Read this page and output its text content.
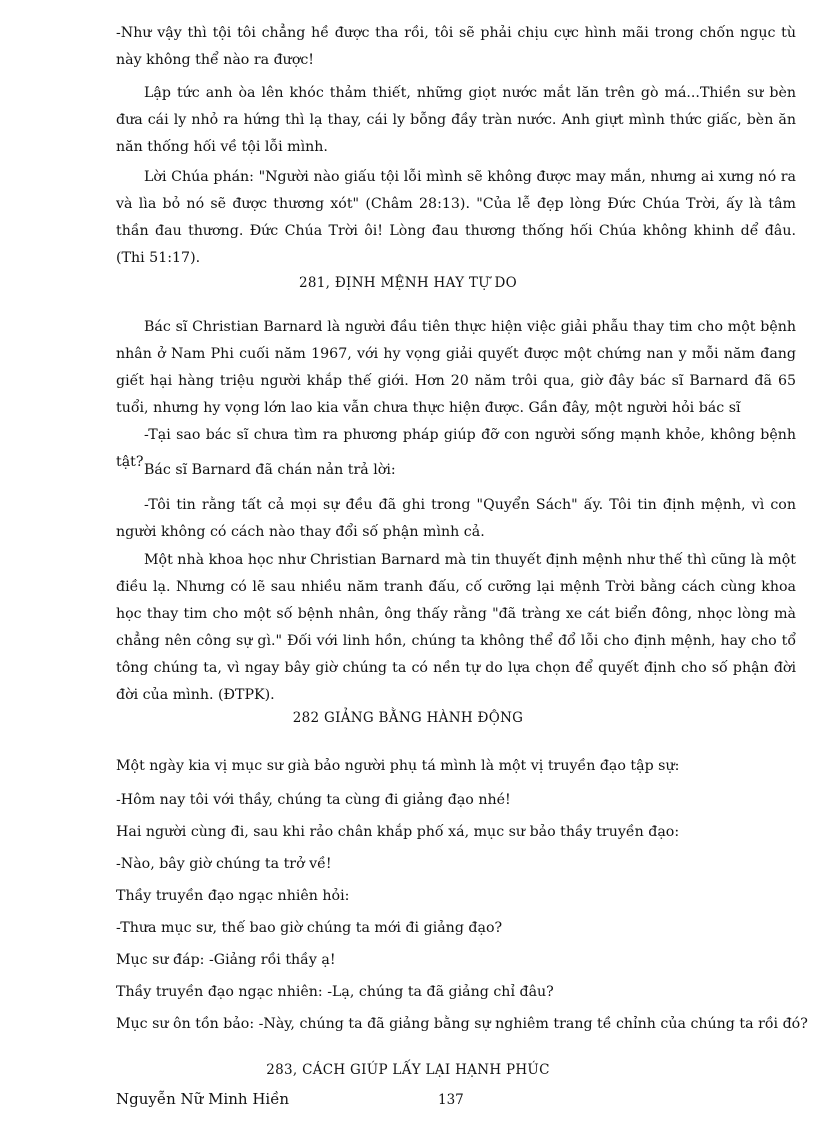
-Như vậy thì tội tôi chẳng hề được tha rồi, tôi sẽ phải chịu cực hình mãi trong chốn ngục tù này không thể nào ra được!

Lập tức anh òa lên khóc thảm thiết, những giọt nước mắt lăn trên gò má...Thiền sư bèn đưa cái ly nhỏ ra hứng thì lạ thay, cái ly bỗng đầy tràn nước. Anh giựt mình thức giấc, bèn ăn năn thống hối về tội lỗi mình.

Lời Chúa phán: "Người nào giấu tội lỗi mình sẽ không được may mắn, nhưng ai xưng nó ra và lìa bỏ nó sẽ được thương xót" (Châm 28:13). "Của lễ đẹp lòng Đức Chúa Trời, ấy là tâm thần đau thương. Đức Chúa Trời ôi! Lòng đau thương thống hối Chúa không khinh dể đâu. (Thi 51:17).

281, ĐỊNH MỆNH HAY TỰ DO

Bác sĩ Christian Barnard là người đầu tiên thực hiện việc giải phẫu thay tim cho một bệnh nhân ở Nam Phi cuối năm 1967, với hy vọng giải quyết được một chứng nan y mỗi năm đang giết hại hàng triệu người khắp thế giới. Hơn 20 năm trôi qua, giờ đây bác sĩ Barnard đã 65 tuổi, nhưng hy vọng lớn lao kia vẫn chưa thực hiện được. Gần đây, một người hỏi bác sĩ

-Tại sao bác sĩ chưa tìm ra phương pháp giúp đỡ con người sống mạnh khỏe, không bệnh tật? Bác sĩ Barnard đã chán nản trả lời:

-Tôi tin rằng tất cả mọi sự đều đã ghi trong "Quyển Sách" ấy. Tôi tin định mệnh, vì con người không có cách nào thay đổi số phận mình cả.

Một nhà khoa học như Christian Barnard mà tin thuyết định mệnh như thế thì cũng là một điều lạ. Nhưng có lẽ sau nhiều năm tranh đấu, cố cưỡng lại mệnh Trời bằng cách cùng khoa học thay tim cho một số bệnh nhân, ông thấy rằng "đã tràng xe cát biển đông, nhọc lòng mà chẳng nên công sự gì." Đối với linh hồn, chúng ta không thể đổ lỗi cho định mệnh, hay cho tổ tông chúng ta, vì ngay bây giờ chúng ta có nền tự do lựa chọn để quyết định cho số phận đời đời của mình. (ĐTPK).

282 GIẢNG BẰNG HÀNH ĐỘNG

Một ngày kia vị mục sư già bảo người phụ tá mình là một vị truyền đạo tập sự:

-Hôm nay tôi với thầy, chúng ta cùng đi giảng đạo nhé!

Hai người cùng đi, sau khi rảo chân khắp phố xá, mục sư bảo thầy truyền đạo:

-Nào, bây giờ chúng ta trở về!

Thầy truyền đạo ngạc nhiên hỏi:

-Thưa mục sư, thế bao giờ chúng ta mới đi giảng đạo?

Mục sư đáp: -Giảng rồi thầy ạ!

Thầy truyền đạo ngạc nhiên: -Lạ, chúng ta đã giảng chỉ đâu?

Mục sư ôn tồn bảo: -Này, chúng ta đã giảng bằng sự nghiêm trang tề chỉnh của chúng ta rồi đó?

283, CÁCH GIÚP LẤY LẠI HẠNH PHÚC

Nguyễn Nữ Minh Hiền	137
